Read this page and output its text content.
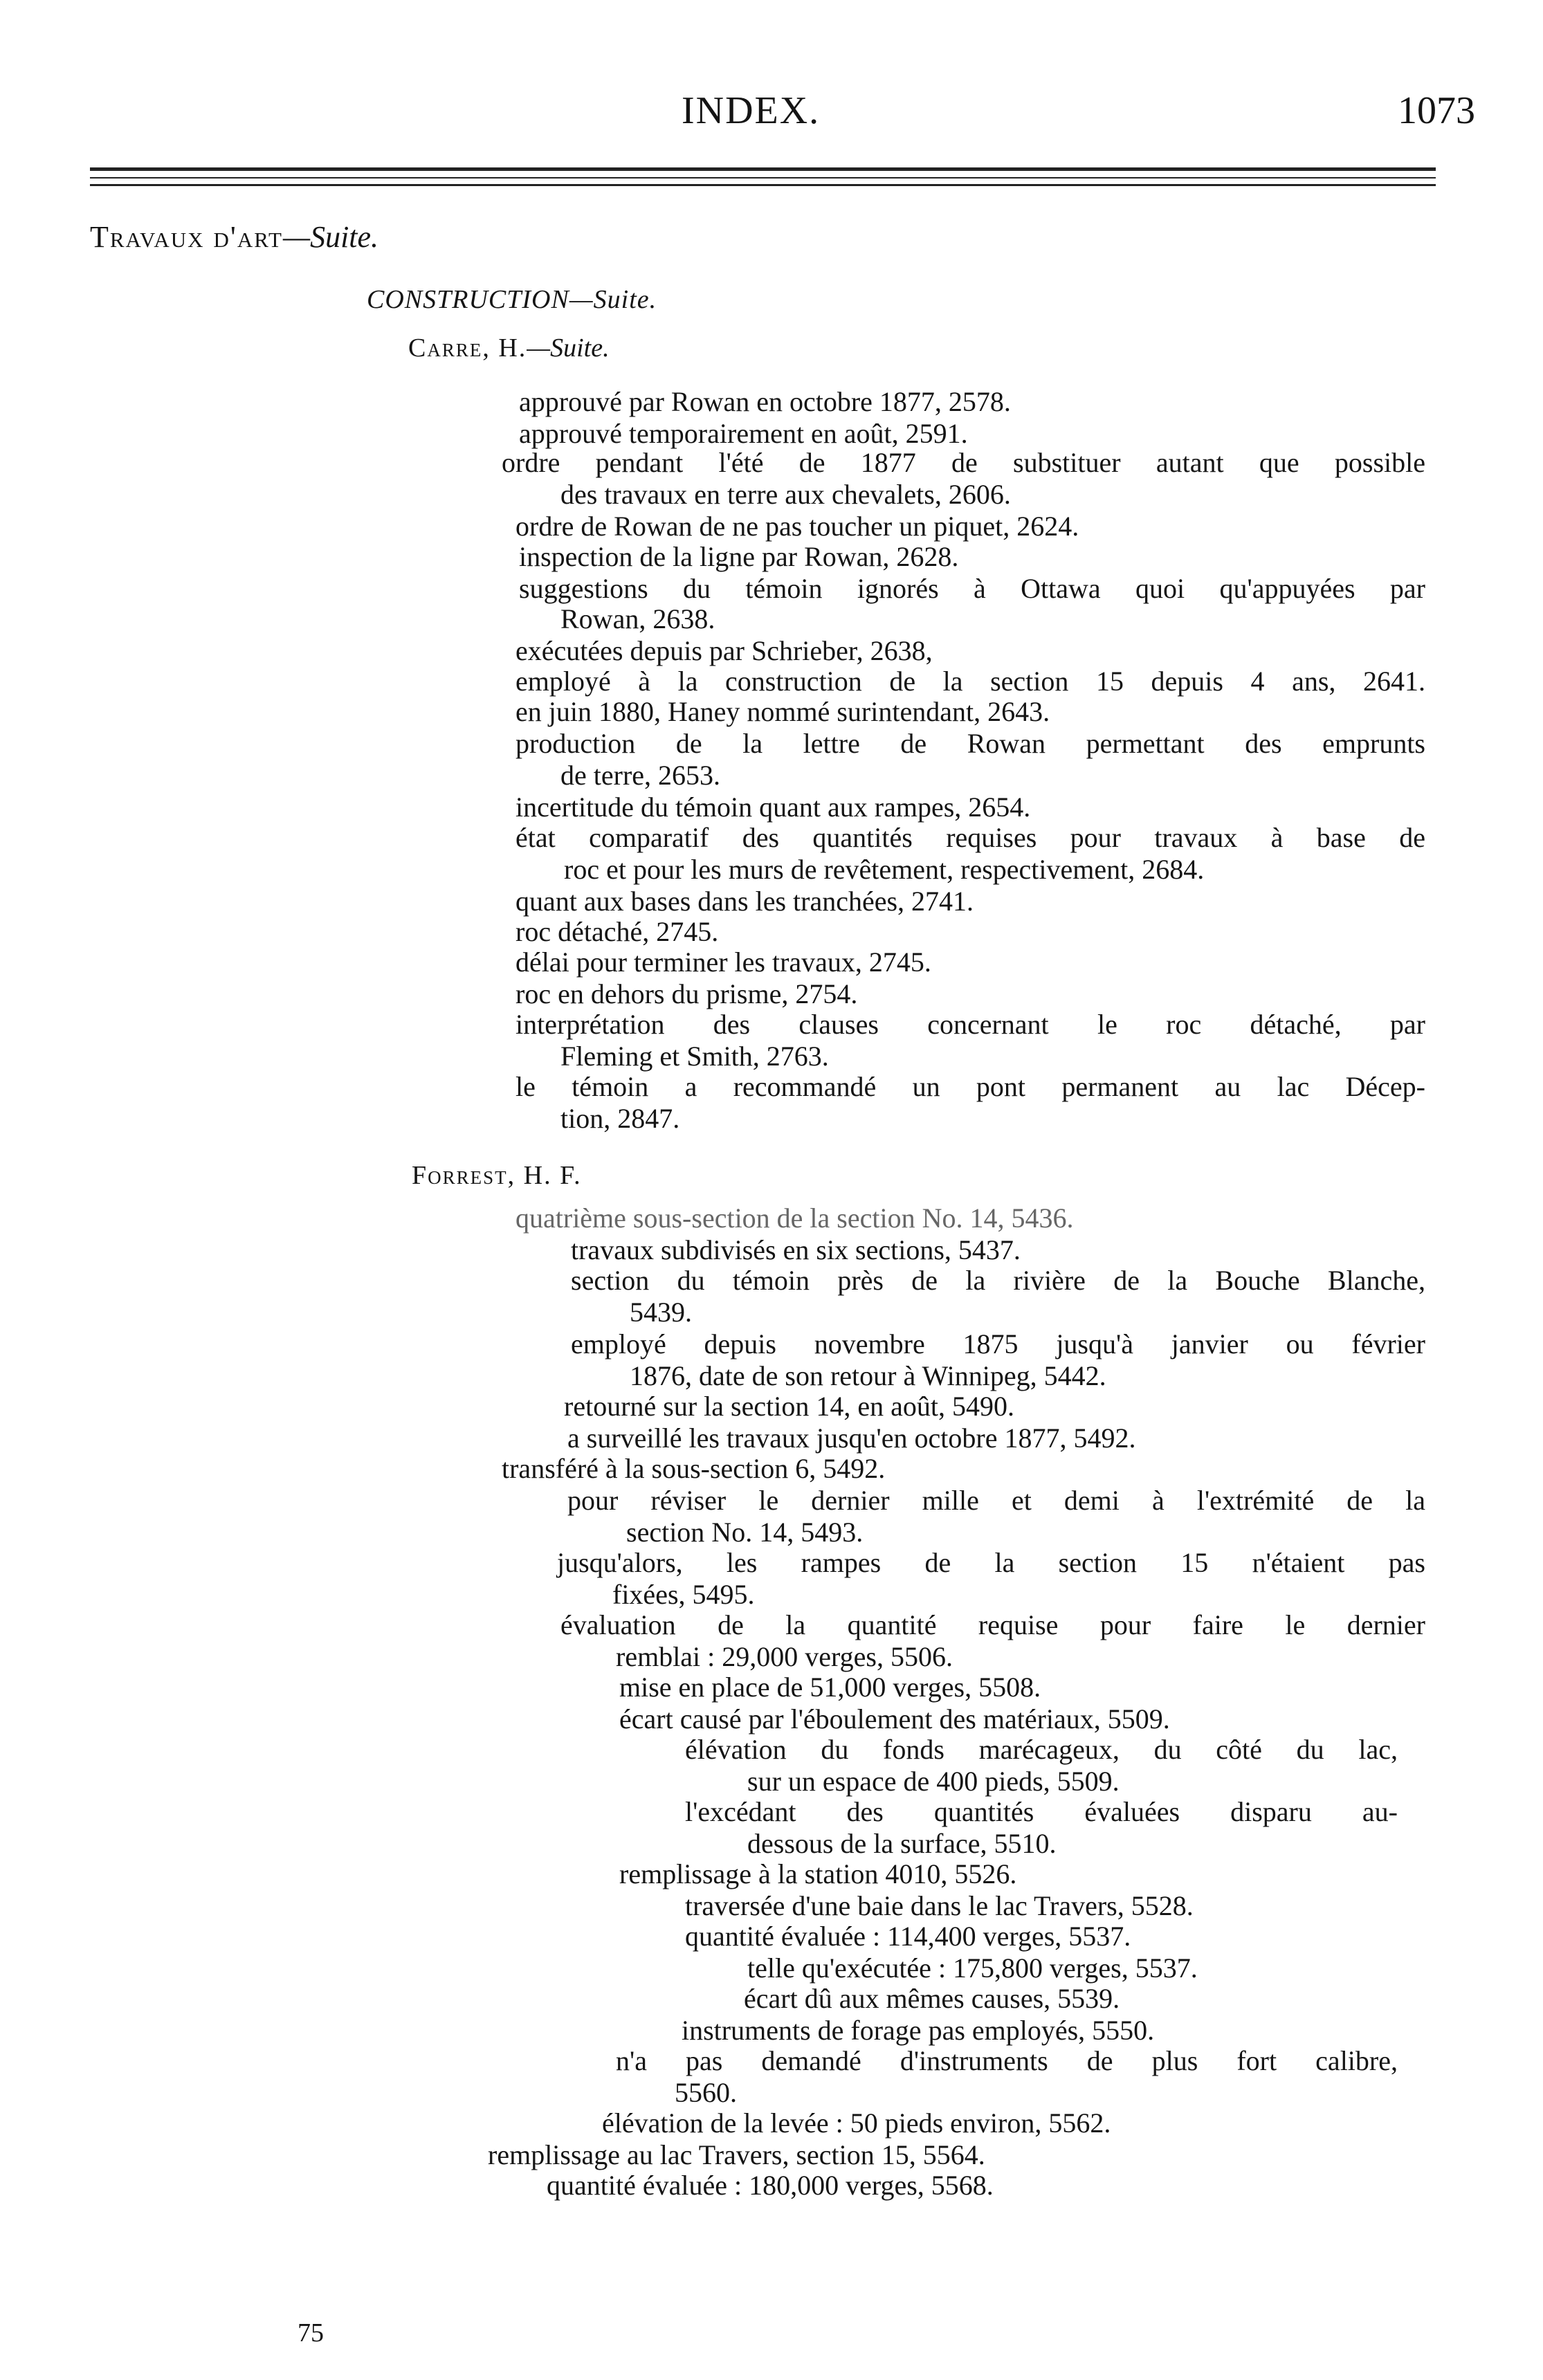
INDEX.	1073
Travaux d'art—Suite.
CONSTRUCTION—Suite.
Carre, H.—Suite.
approuvé par Rowan en octobre 1877, 2578.
approuvé temporairement en août, 2591.
ordre pendant l'été de 1877 de substituer autant que possible
des travaux en terre aux chevalets, 2606.
ordre de Rowan de ne pas toucher un piquet, 2624.
inspection de la ligne par Rowan, 2628.
suggestions du témoin ignorés à Ottawa quoi qu'appuyées par
Rowan, 2638.
exécutées depuis par Schrieber, 2638,
employé à la construction de la section 15 depuis 4 ans, 2641.
en juin 1880, Haney nommé surintendant, 2643.
production de la lettre de Rowan permettant des emprunts
de terre, 2653.
incertitude du témoin quant aux rampes, 2654.
état comparatif des quantités requises pour travaux à base de
roc et pour les murs de revêtement, respectivement, 2684.
quant aux bases dans les tranchées, 2741.
roc détaché, 2745.
délai pour terminer les travaux, 2745.
roc en dehors du prisme, 2754.
interprétation des clauses concernant le roc détaché, par
Fleming et Smith, 2763.
le témoin a recommandé un pont permanent au lac Décep-
tion, 2847.
Forrest, H. F.
quatrième sous-section de la section No. 14, 5436.
travaux subdivisés en six sections, 5437.
section du témoin près de la rivière de la Bouche Blanche,
5439.
employé depuis novembre 1875 jusqu'à janvier ou février
1876, date de son retour à Winnipeg, 5442.
retourné sur la section 14, en août, 5490.
a surveillé les travaux jusqu'en octobre 1877, 5492.
transféré à la sous-section 6, 5492.
pour réviser le dernier mille et demi à l'extrémité de la
section No. 14, 5493.
jusqu'alors, les rampes de la section 15 n'étaient pas
fixées, 5495.
évaluation de la quantité requise pour faire le dernier
remblai : 29,000 verges, 5506.
mise en place de 51,000 verges, 5508.
écart causé par l'éboulement des matériaux, 5509.
élévation du fonds marécageux, du côté du lac,
sur un espace de 400 pieds, 5509.
l'excédant des quantités évaluées disparu au-
dessous de la surface, 5510.
remplissage à la station 4010, 5526.
traversée d'une baie dans le lac Travers, 5528.
quantité évaluée : 114,400 verges, 5537.
telle qu'exécutée : 175,800 verges, 5537.
écart dû aux mêmes causes, 5539.
instruments de forage pas employés, 5550.
n'a pas demandé d'instruments de plus fort calibre,
5560.
élévation de la levée : 50 pieds environ, 5562.
remplissage au lac Travers, section 15, 5564.
quantité évaluée : 180,000 verges, 5568.
75
